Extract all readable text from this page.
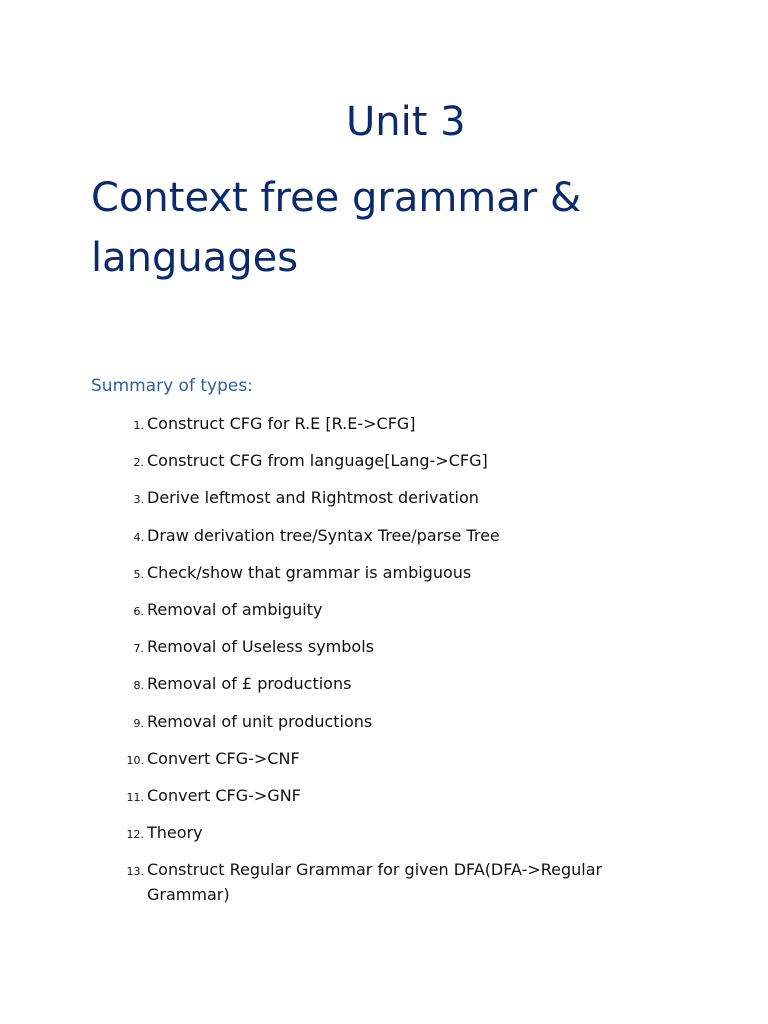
Unit 3
Context free grammar & languages
Summary of types:
1. Construct CFG for R.E [R.E->CFG]
2. Construct CFG from language[Lang->CFG]
3. Derive leftmost and Rightmost derivation
4. Draw derivation tree/Syntax Tree/parse Tree
5. Check/show that grammar is ambiguous
6. Removal of ambiguity
7. Removal of Useless symbols
8. Removal of £ productions
9. Removal of unit productions
10. Convert CFG->CNF
11. Convert CFG->GNF
12. Theory
13. Construct Regular Grammar for given DFA(DFA->Regular Grammar)
